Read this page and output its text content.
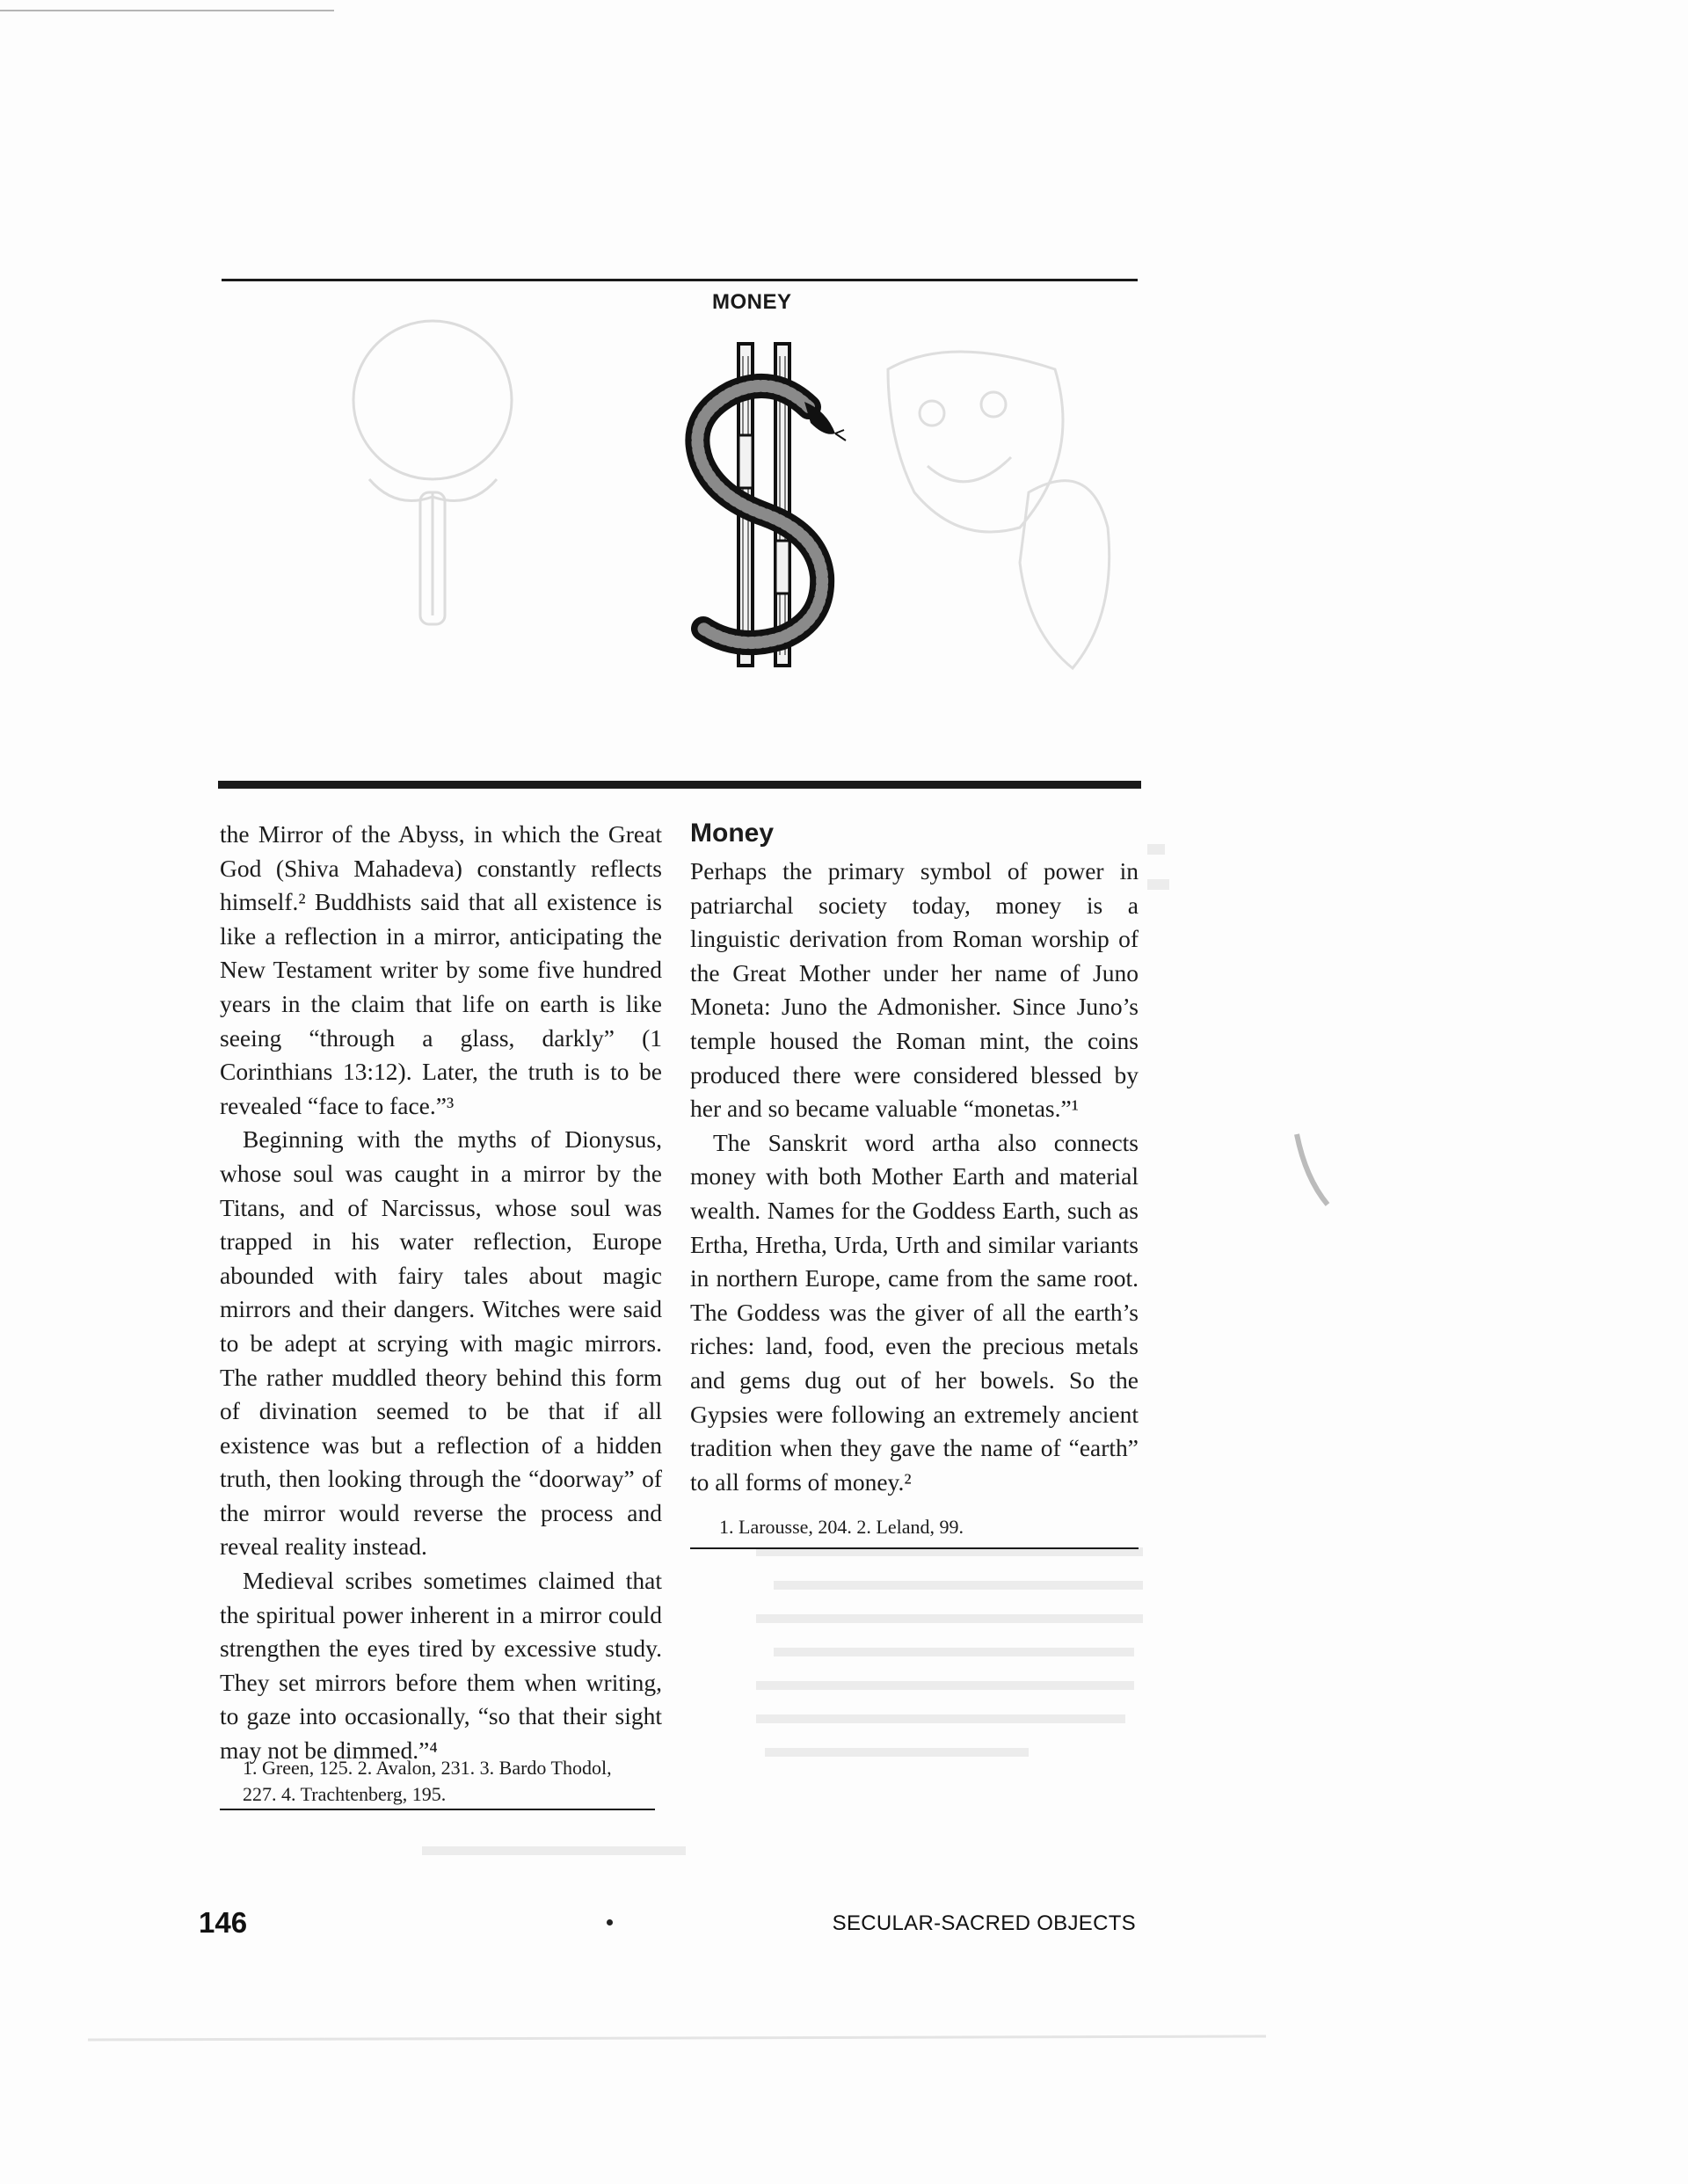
MONEY

the Mirror of the Abyss, in which the Great God (Shiva Mahadeva) constantly reflects himself.² Buddhists said that all existence is like a reflection in a mirror, anticipating the New Testament writer by some five hundred years in the claim that life on earth is like seeing “through a glass, darkly” (1 Corinthians 13:12). Later, the truth is to be revealed “face to face.”³

Beginning with the myths of Dionysus, whose soul was caught in a mirror by the Titans, and of Narcissus, whose soul was trapped in his water reflection, Europe abounded with fairy tales about magic mirrors and their dangers. Witches were said to be adept at scrying with magic mirrors. The rather muddled theory behind this form of divination seemed to be that if all existence was but a reflection of a hidden truth, then looking through the “doorway” of the mirror would reverse the process and reveal reality instead.

Medieval scribes sometimes claimed that the spiritual power inherent in a mirror could strengthen the eyes tired by excessive study. They set mirrors before them when writing, to gaze into occasionally, “so that their sight may not be dimmed.”⁴

1. Green, 125. 2. Avalon, 231. 3. Bardo Thodol, 227. 4. Trachtenberg, 195.
Money

Perhaps the primary symbol of power in patriarchal society today, money is a linguistic derivation from Roman worship of the Great Mother under her name of Juno Moneta: Juno the Admonisher. Since Juno’s temple housed the Roman mint, the coins produced there were considered blessed by her and so became valuable “monetas.”¹

The Sanskrit word artha also connects money with both Mother Earth and material wealth. Names for the Goddess Earth, such as Ertha, Hretha, Urda, Urth and similar variants in northern Europe, came from the same root. The Goddess was the giver of all the earth’s riches: land, food, even the precious metals and gems dug out of her bowels. So the Gypsies were following an extremely ancient tradition when they gave the name of “earth” to all forms of money.²

1. Larousse, 204. 2. Leland, 99.
146	SECULAR-SACRED OBJECTS
